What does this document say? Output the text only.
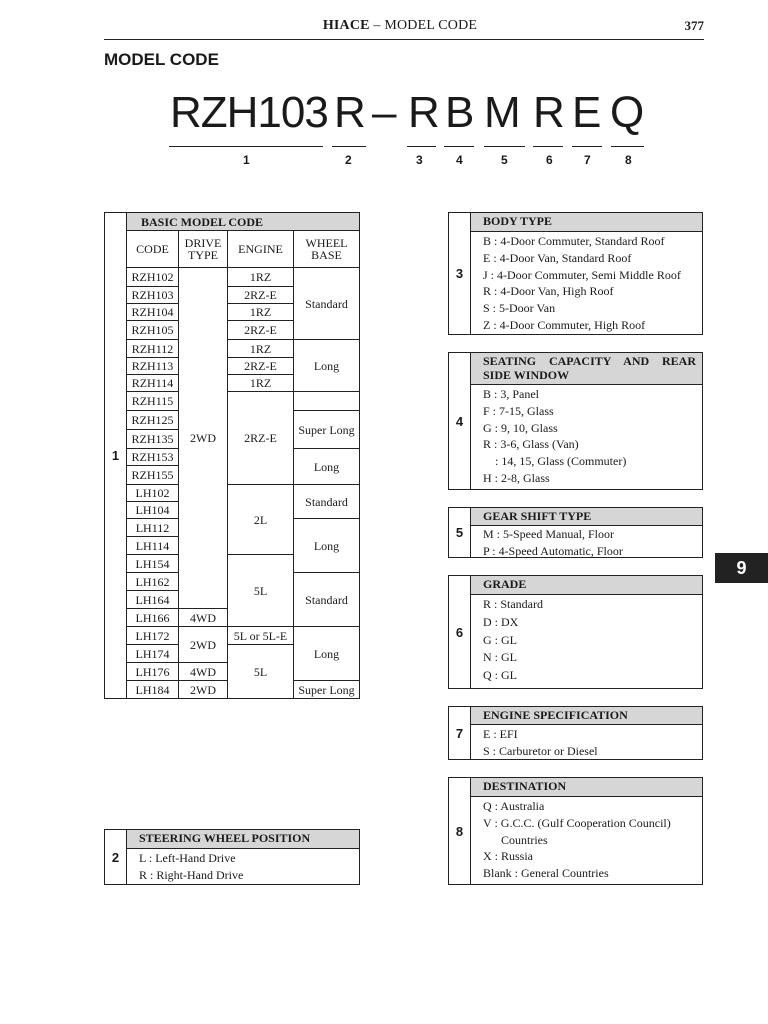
HIACE – MODEL CODE	377
MODEL CODE
RZH103 R – R B M R E Q
1	2	3	4	5	6	7	8
1	BASIC MODEL CODE			
	CODE	DRIVE TYPE	ENGINE	WHEEL BASE
	RZH102	2WD	1RZ	Standard
	RZH103		2RZ-E	
	RZH104		1RZ	
	RZH105		2RZ-E	
	RZH112		1RZ	Long
	RZH113		2RZ-E	
	RZH114		1RZ	
	RZH115		2RZ-E	
	RZH125			Super Long
	RZH135			
	RZH153			Long
	RZH155			
	LH102		2L	Standard
	LH104			
	LH112			Long
	LH114			
	LH154		5L	
	LH162			Standard
	LH164			
	LH166	4WD		
	LH172	2WD	5L or 5L-E	Long
	LH174		5L	
	LH176	4WD		
	LH184	2WD		Super Long
2
STEERING WHEEL POSITION
L : Left-Hand Drive
R : Right-Hand Drive
3
BODY TYPE
B : 4-Door Commuter, Standard Roof
E : 4-Door Van, Standard Roof
J : 4-Door Commuter, Semi Middle Roof
R : 4-Door Van, High Roof
S : 5-Door Van
Z : 4-Door Commuter, High Roof
4
SEATING CAPACITY AND REAR SIDE WINDOW
B : 3, Panel
F : 7-15, Glass
G : 9, 10, Glass
R : 3-6, Glass (Van)
: 14, 15, Glass (Commuter)
H : 2-8, Glass
5
GEAR SHIFT TYPE
M : 5-Speed Manual, Floor
P : 4-Speed Automatic, Floor
6
GRADE
R : Standard
D : DX
G : GL
N : GL
Q : GL
7
ENGINE SPECIFICATION
E : EFI
S : Carburetor or Diesel
8
DESTINATION
Q : Australia
V : G.C.C. (Gulf Cooperation Council)
Countries
X : Russia
Blank : General Countries
9
